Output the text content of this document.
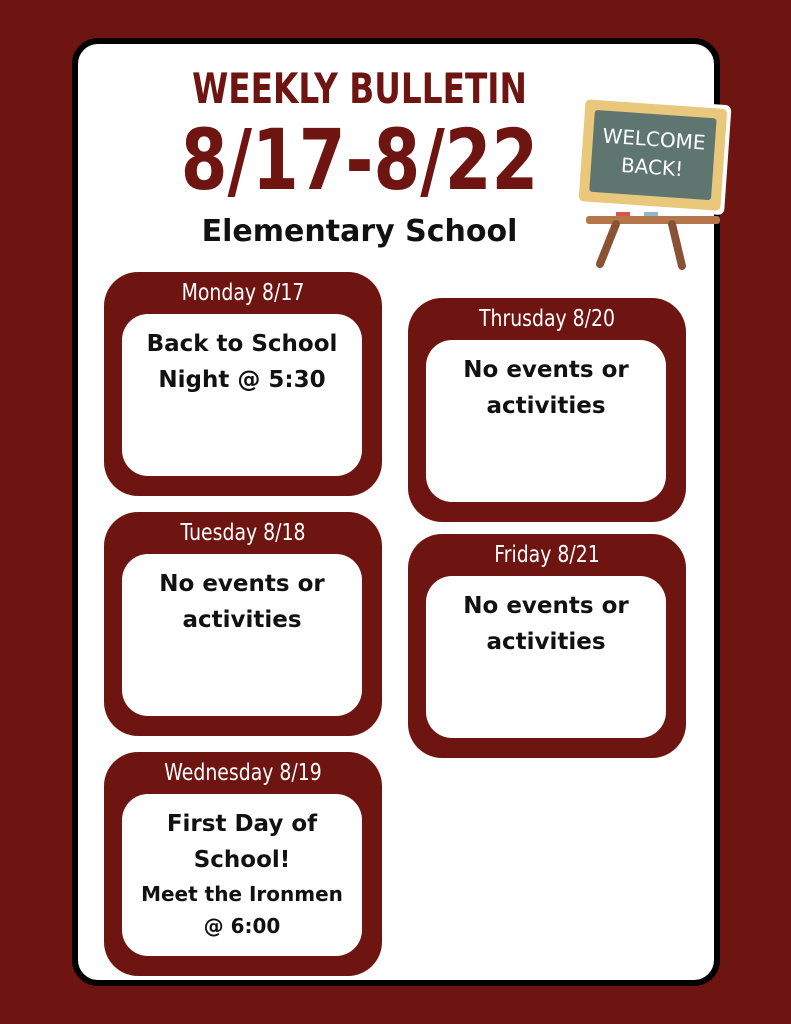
WEEKLY BULLETIN
8/17-8/22
Elementary School
WELCOME
BACK!
Monday 8/17
Back to School Night @ 5:30
Tuesday 8/18
No events or activities
Wednesday 8/19
First Day of School!
Meet the Ironmen @ 6:00
Thrusday 8/20
No events or activities
Friday 8/21
No events or activities
